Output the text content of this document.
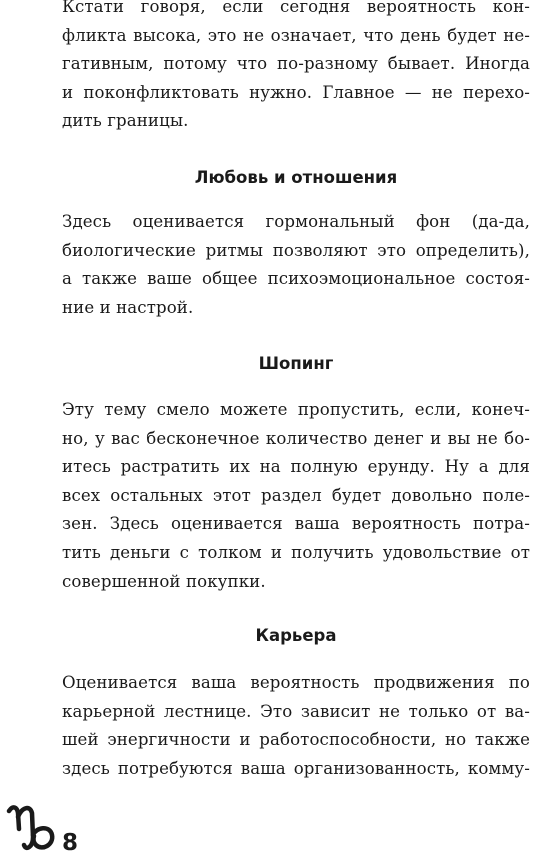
Кстати говоря, если сегодня вероятность кон-
фликта высока, это не означает, что день будет не-
гативным, потому что по-разному бывает. Иногда
и поконфликтовать нужно. Главное — не перехо-
дить границы.
Любовь и отношения
Здесь оценивается гормональный фон (да-да,
биологические ритмы позволяют это определить),
а также ваше общее психоэмоциональное состоя-
ние и настрой.
Шопинг
Эту тему смело можете пропустить, если, конеч-
но, у вас бесконечное количество денег и вы не бо-
итесь растратить их на полную ерунду. Ну а для
всех остальных этот раздел будет довольно поле-
зен. Здесь оценивается ваша вероятность потра-
тить деньги с толком и получить удовольствие от
совершенной покупки.
Карьера
Оценивается ваша вероятность продвижения по
карьерной лестнице. Это зависит не только от ва-
шей энергичности и работоспособности, но также
здесь потребуются ваша организованность, комму-
8
